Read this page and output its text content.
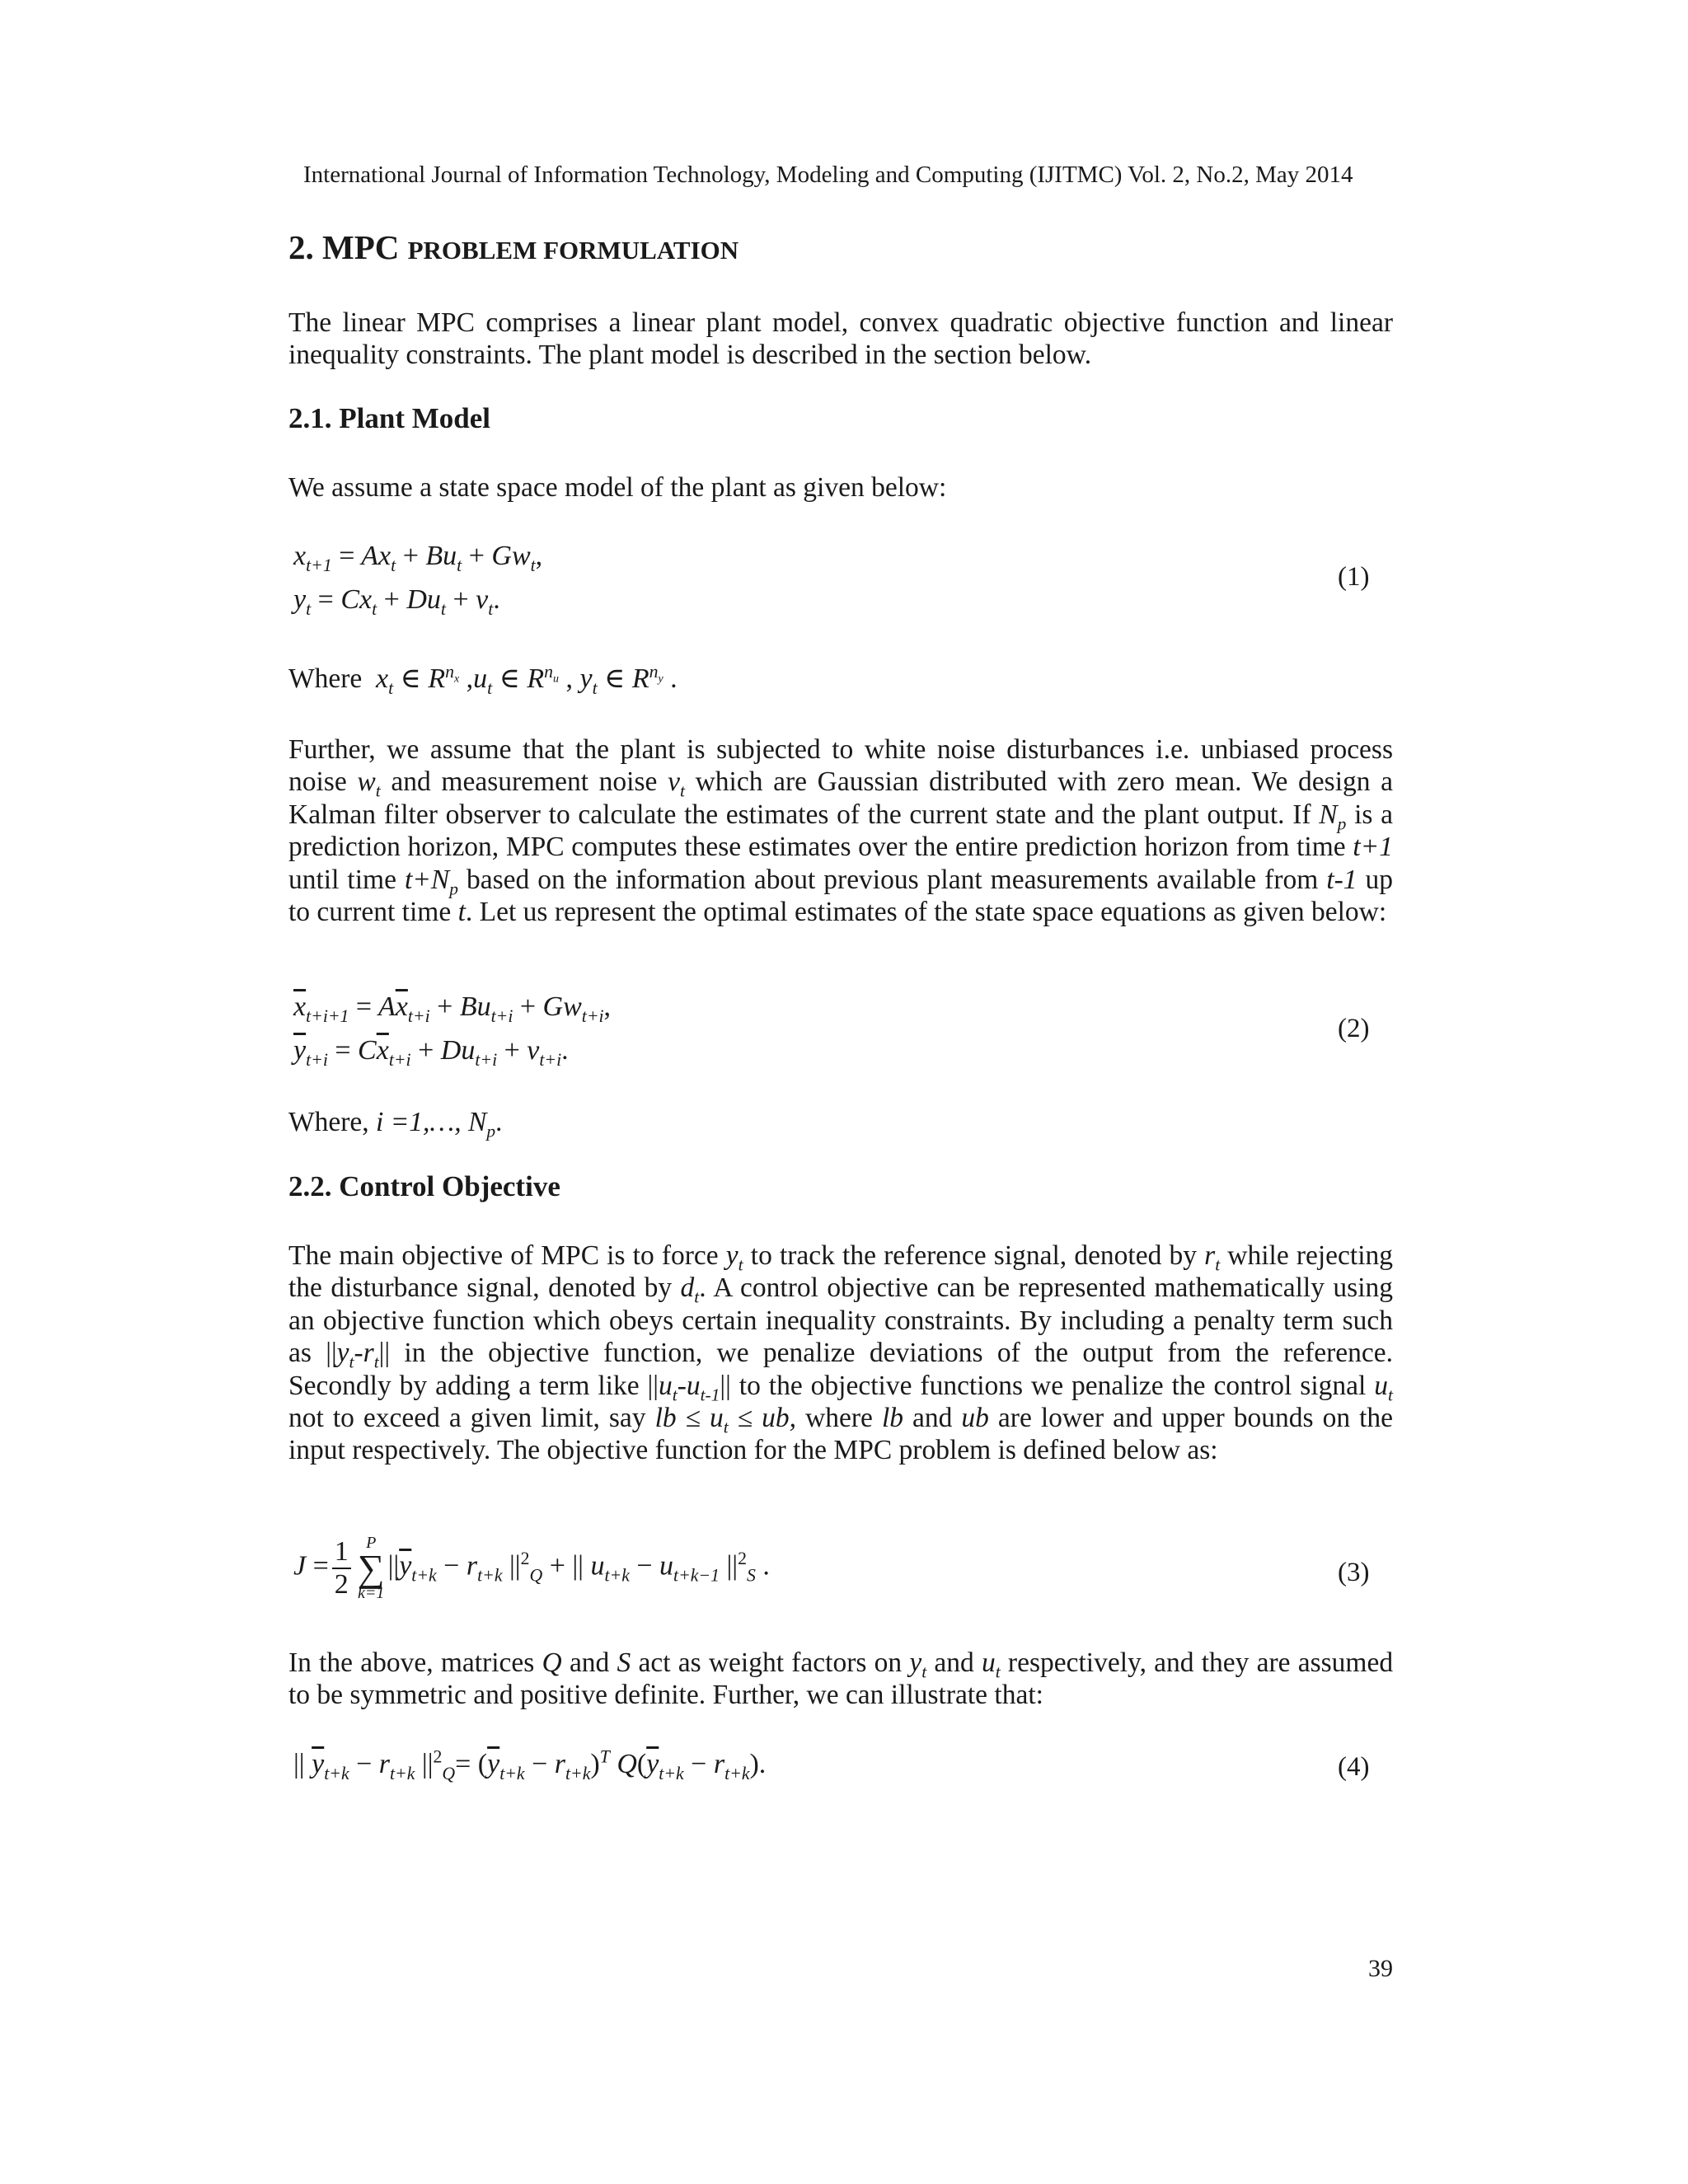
International Journal of Information Technology, Modeling and Computing (IJITMC) Vol. 2, No.2, May 2014
2. MPC PROBLEM FORMULATION
The linear MPC comprises a linear plant model, convex quadratic objective function and linear inequality constraints. The plant model is described in the section below.
2.1. Plant Model
We assume a state space model of the plant as given below:
$x_{t+1} = Ax_t + Bu_t + Gw_t$,
$y_t = Cx_t + Du_t + v_t$.
(1)
Where $x_t$ ∈ $R^{n_x}$ $,u_t$ ∈ $R^{n_u}$ , $y_t$ ∈ $R^{n_y}$ .
Further, we assume that the plant is subjected to white noise disturbances i.e. unbiased process noise $w_t$ and measurement noise $v_t$ which are Gaussian distributed with zero mean. We design a Kalman filter observer to calculate the estimates of the current state and the plant output. If $N_p$ is a prediction horizon, MPC computes these estimates over the entire prediction horizon from time t+1 until time $t+N_p$ based on the information about previous plant measurements available from t-1 up to current time t. Let us represent the optimal estimates of the state space equations as given below:
$\overline{x}_{t+i+1} = A\overline{x}_{t+i} + Bu_{t+i} + Gw_{t+i}$,
$\overline{y}_{t+i} = C\overline{x}_{t+i} + Du_{t+i} + v_{t+i}$.
(2)
Where, i =1,…, $N_p$.
2.2. Control Objective
The main objective of MPC is to force $y_t$ to track the reference signal, denoted by $r_t$ while rejecting the disturbance signal, denoted by $d_t$. A control objective can be represented mathematically using an objective function which obeys certain inequality constraints. By including a penalty term such as $||y_t-r_t||$ in the objective function, we penalize deviations of the output from the reference. Secondly by adding a term like $||u_t-u_{t-1}||$ to the objective functions we penalize the control signal $u_t$ not to exceed a given limit, say lb ≤ $u_t$ ≤ ub, where lb and ub are lower and upper bounds on the input respectively. The objective function for the MPC problem is defined below as:
$J = \frac{1}{2}$ P
∑
k=1
$||\overline{y}_{t+k} - r_{t+k}$ $||^2_Q$ + || $u_{t+k} - u_{t+k-1}$ $||^2_S$ .	(3)
In the above, matrices Q and S act as weight factors on $y_t$ and $u_t$ respectively, and they are assumed to be symmetric and positive definite. Further, we can illustrate that:
|| $\overline{y}_{t+k} - r_{t+k}$ $||^2_Q= (\overline{y}_{t+k} - r_{t+k})^T$ $Q(\overline{y}_{t+k} - r_{t+k})$.	(4)
39
